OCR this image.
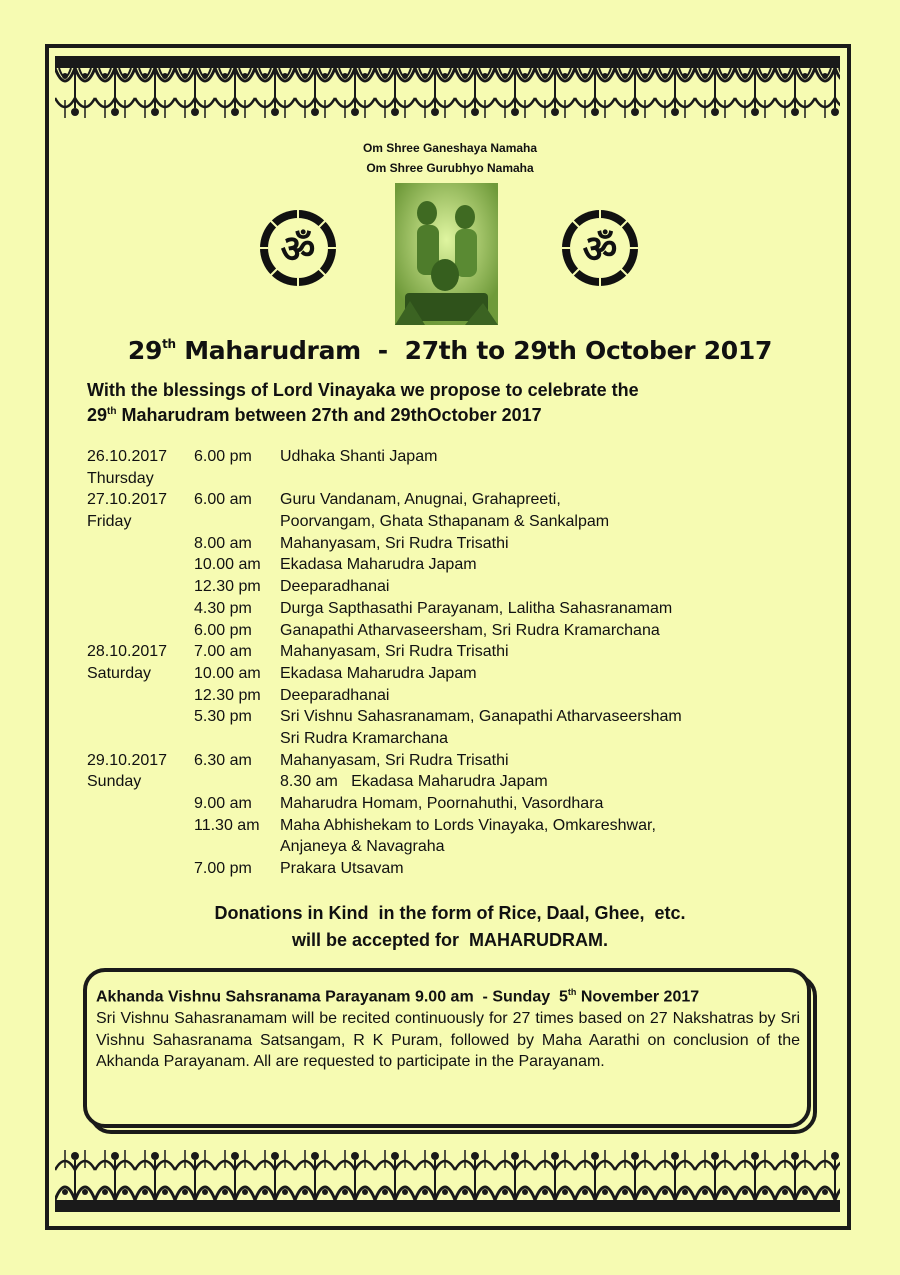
Om Shree Ganeshaya Namaha
Om Shree Gurubhyo Namaha
ॐ	ॐ
29th Maharudram  -  27th to 29th October 2017
With the blessings of Lord Vinayaka we propose to celebrate the
29th Maharudram between 27th and 29thOctober 2017
26.10.2017 6.00 pm Udhaka Shanti Japam
Thursday
27.10.2017 6.00 am Guru Vandanam, Anugnai, Grahapreeti,
Friday	Poorvangam, Ghata Sthapanam & Sankalpam
8.00 am Mahanyasam, Sri Rudra Trisathi
10.00 am Ekadasa Maharudra Japam
12.30 pm Deeparadhanai
4.30 pm Durga Sapthasathi Parayanam, Lalitha Sahasranamam
6.00 pm Ganapathi Atharvaseersham, Sri Rudra Kramarchana
28.10.2017 7.00 am Mahanyasam, Sri Rudra Trisathi
Saturday	10.00 am Ekadasa Maharudra Japam
12.30 pm Deeparadhanai
5.30 pm Sri Vishnu Sahasranamam, Ganapathi Atharvaseersham
Sri Rudra Kramarchana
29.10.2017 6.30 am Mahanyasam, Sri Rudra Trisathi
Sunday	8.30 am   Ekadasa Maharudra Japam
9.00 am Maharudra Homam, Poornahuthi, Vasordhara
11.30 am Maha Abhishekam to Lords Vinayaka, Omkareshwar,
Anjaneya & Navagraha
7.00 pm Prakara Utsavam
Donations in Kind  in the form of Rice, Daal, Ghee,  etc.
will be accepted for  MAHARUDRAM.
Akhanda Vishnu Sahsranama Parayanam 9.00 am  - Sunday  5th November 2017
Sri Vishnu Sahasranamam will be recited continuously for 27 times based on 27 Nakshatras by Sri Vishnu Sahasranama Satsangam, R K Puram, followed by Maha Aarathi on conclusion of the Akhanda Parayanam. All are requested to participate in the Parayanam.
